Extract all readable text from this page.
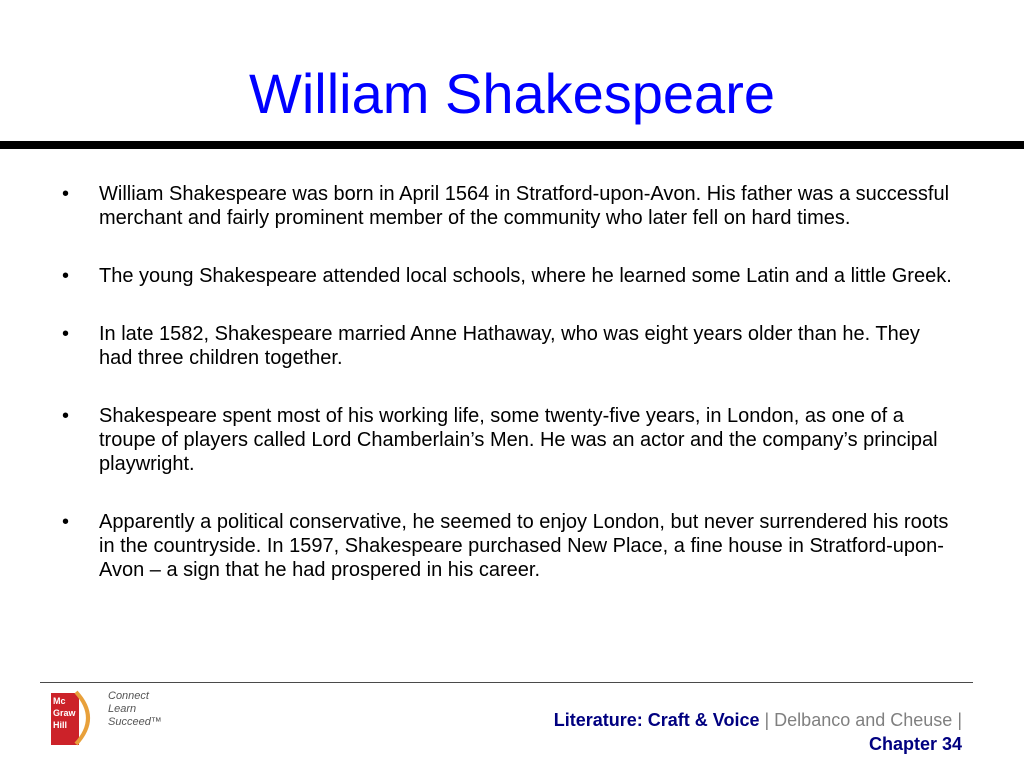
William Shakespeare
•	William Shakespeare was born in April 1564 in Stratford-upon-Avon. His father was a successful merchant and fairly prominent member of the community who later fell on hard times.
•	The young Shakespeare attended local schools, where he learned some Latin and a little Greek.
•	In late 1582, Shakespeare married Anne Hathaway, who was eight years older than he. They had three children together.
•	Shakespeare spent most of his working life, some twenty-five years, in London, as one of a troupe of players called Lord Chamberlain’s Men. He was an actor and the company’s principal playwright.
•	Apparently a political conservative, he seemed to enjoy London, but never surrendered his roots in the countryside. In 1597, Shakespeare purchased New Place, a fine house in Stratford-upon-Avon – a sign that he had prospered in his career.
Mc
Graw
Hill
Connect
Learn
Succeed™	Literature: Craft & Voice | Delbanco and Cheuse |
Chapter 34
